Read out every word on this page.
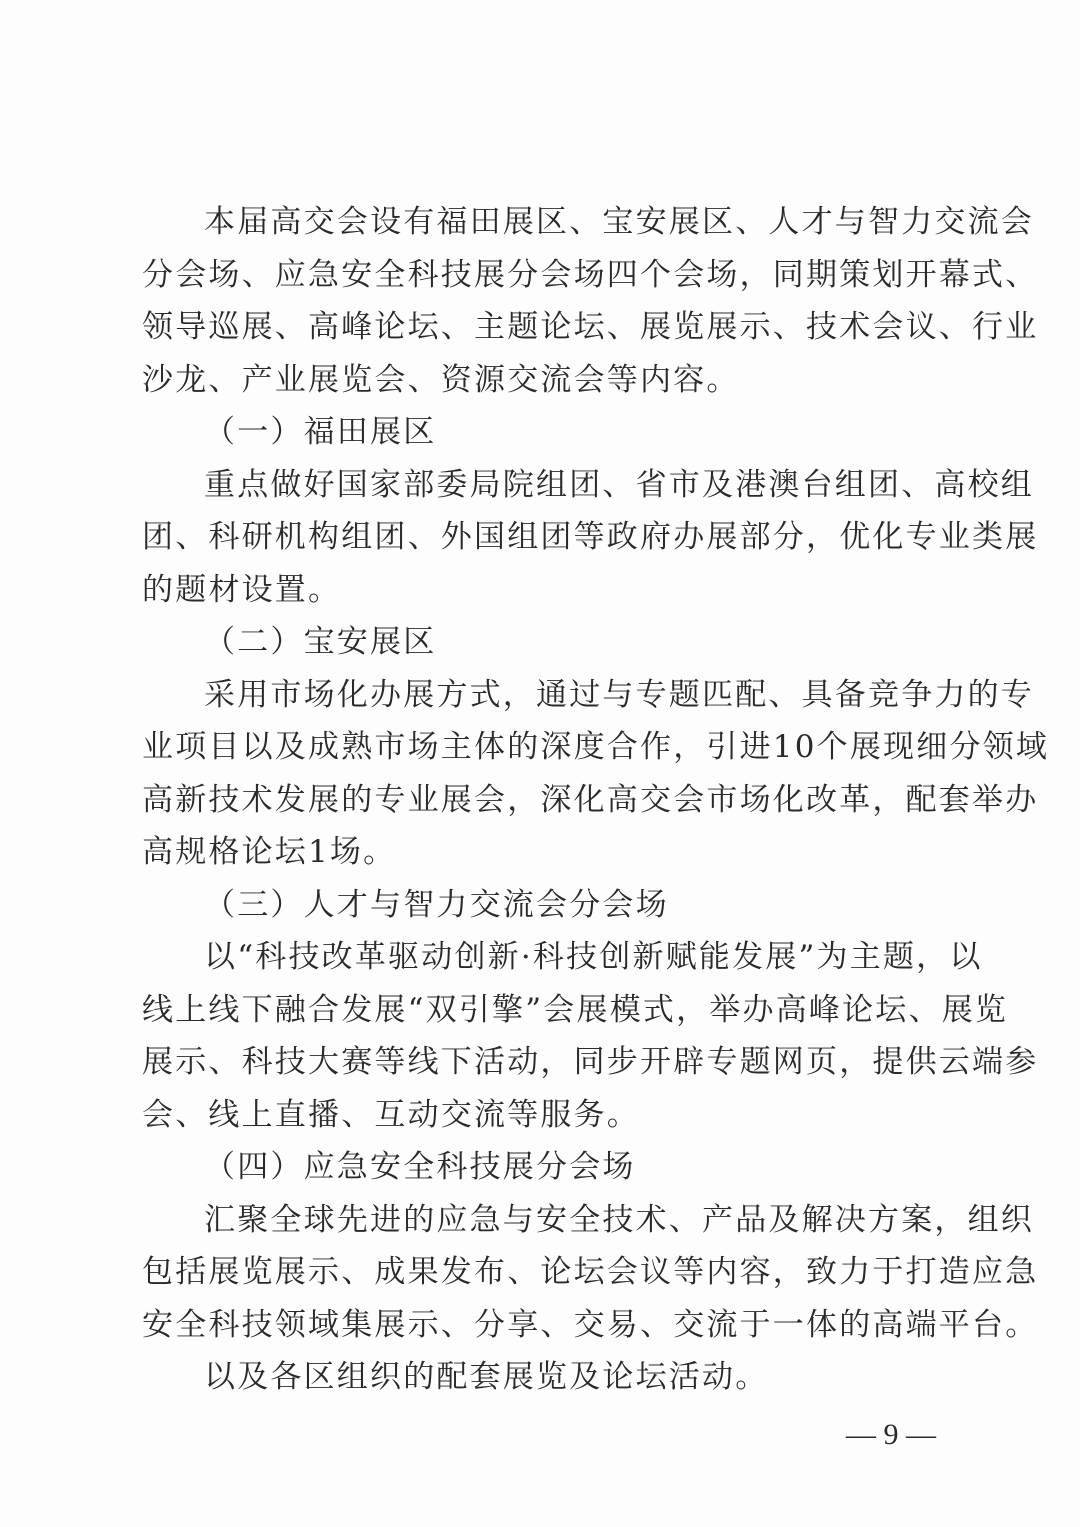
本届高交会设有福田展区、宝安展区、人才与智力交流会
分会场、应急安全科技展分会场四个会场，同期策划开幕式、
领导巡展、高峰论坛、主题论坛、展览展示、技术会议、行业
沙龙、产业展览会、资源交流会等内容。
（一）福田展区
重点做好国家部委局院组团、省市及港澳台组团、高校组
团、科研机构组团、外国组团等政府办展部分，优化专业类展
的题材设置。
（二）宝安展区
采用市场化办展方式，通过与专题匹配、具备竞争力的专
业项目以及成熟市场主体的深度合作，引进10个展现细分领域
高新技术发展的专业展会，深化高交会市场化改革，配套举办
高规格论坛1场。
（三）人才与智力交流会分会场
以“科技改革驱动创新·科技创新赋能发展”为主题，以
线上线下融合发展“双引擎”会展模式，举办高峰论坛、展览
展示、科技大赛等线下活动，同步开辟专题网页，提供云端参
会、线上直播、互动交流等服务。
（四）应急安全科技展分会场
汇聚全球先进的应急与安全技术、产品及解决方案，组织
包括展览展示、成果发布、论坛会议等内容，致力于打造应急
安全科技领域集展示、分享、交易、交流于一体的高端平台。
以及各区组织的配套展览及论坛活动。
— 9 —
